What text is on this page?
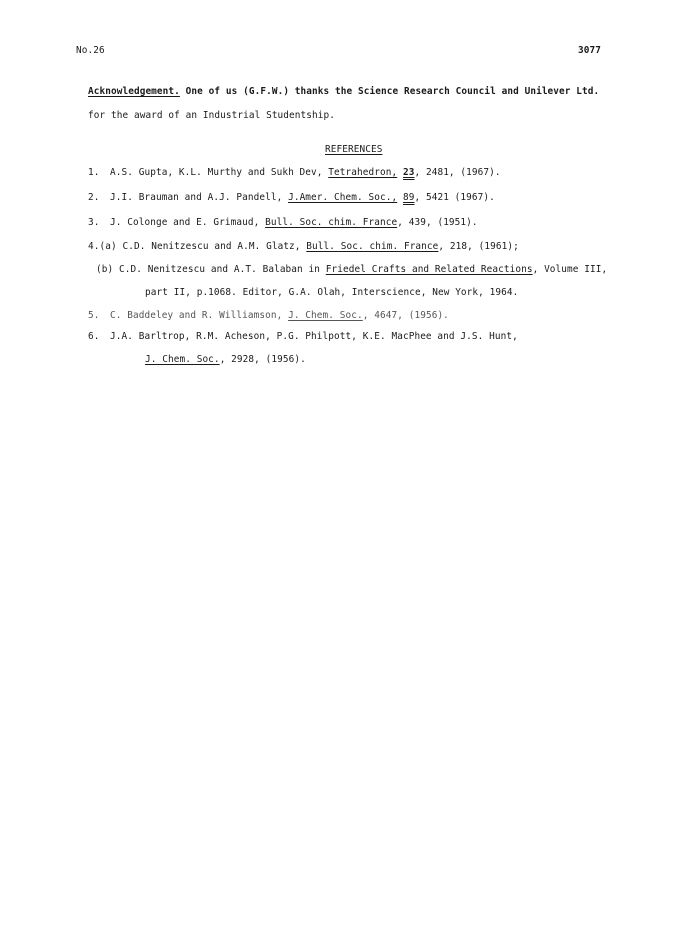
No.26	3077
Acknowledgement. One of us (G.F.W.) thanks the Science Research Council and Unilever Ltd.
for the award of an Industrial Studentship.
REFERENCES
1. A.S. Gupta, K.L. Murthy and Sukh Dev, Tetrahedron, 23, 2481, (1967).
2. J.I. Brauman and A.J. Pandell, J.Amer. Chem. Soc., 89, 5421 (1967).
3. J. Colonge and E. Grimaud, Bull. Soc. chim. France, 439, (1951).
4.(a) C.D. Nenitzescu and A.M. Glatz, Bull. Soc. chim. France, 218, (1961);
(b) C.D. Nenitzescu and A.T. Balaban in Friedel Crafts and Related Reactions, Volume III,
part II, p.1068. Editor, G.A. Olah, Interscience, New York, 1964.
5. C. Baddeley and R. Williamson, J. Chem. Soc., 4647, (1956).
6. J.A. Barltrop, R.M. Acheson, P.G. Philpott, K.E. MacPhee and J.S. Hunt,
J. Chem. Soc., 2928, (1956).
